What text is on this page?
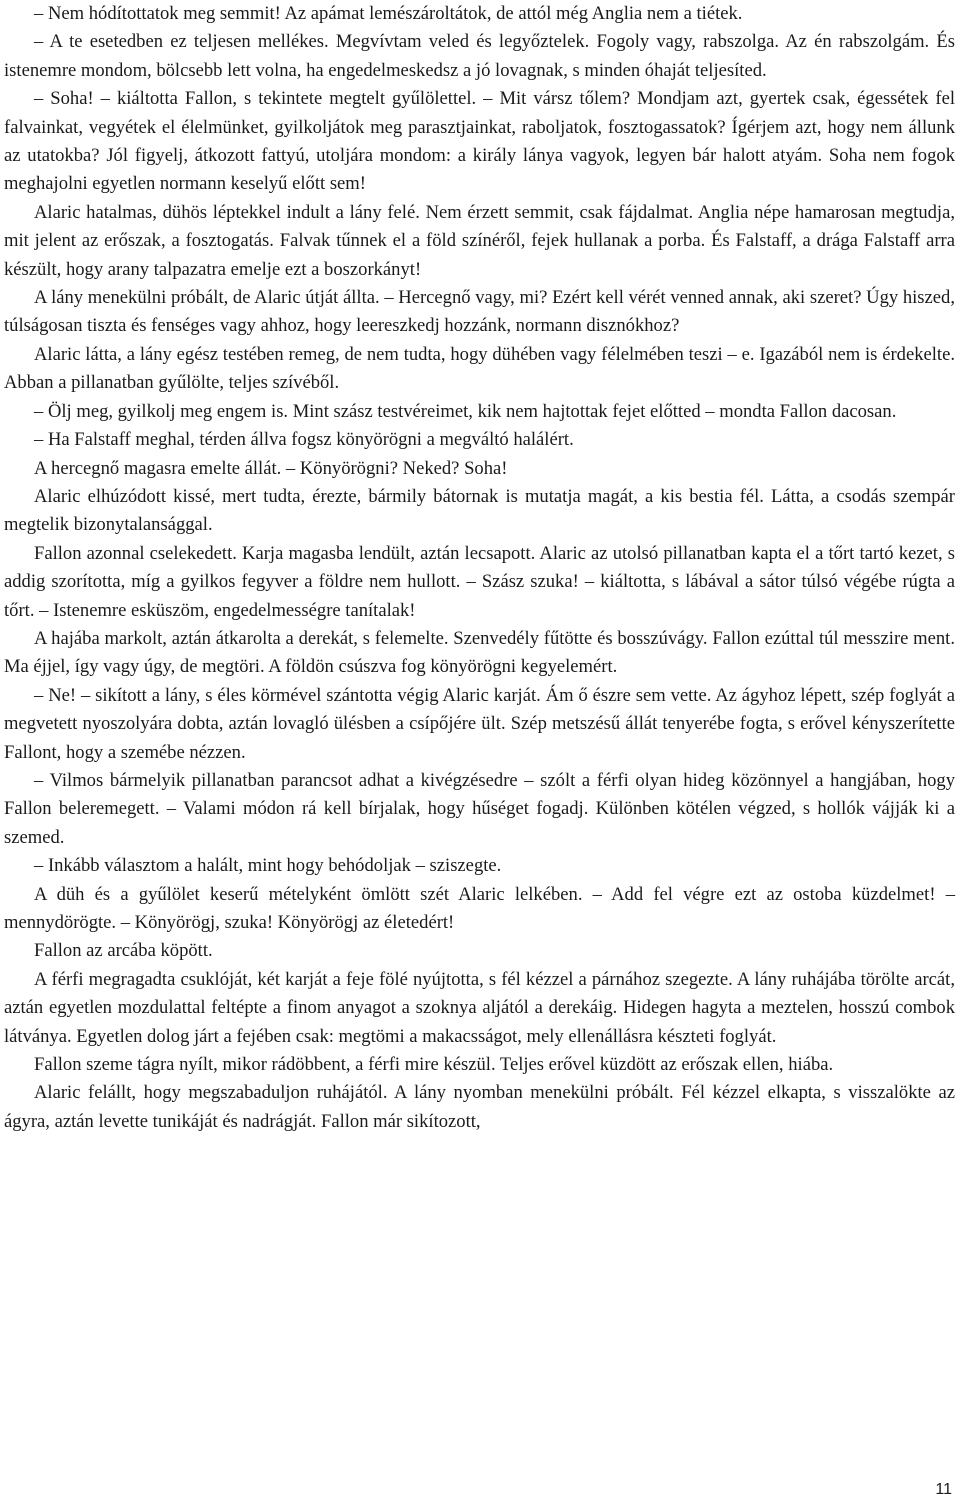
– Nem hódítottatok meg semmit! Az apámat lemészároltátok, de attól még Anglia nem a tiétek.

– A te esetedben ez teljesen mellékes. Megvívtam veled és legyőztelek. Fogoly vagy, rabszolga. Az én rabszolgám. És istenemre mondom, bölcsebb lett volna, ha engedelmeskedsz a jó lovagnak, s minden óhaját teljesíted.

– Soha! – kiáltotta Fallon, s tekintete megtelt gyűlölettel. – Mit vársz tőlem? Mondjam azt, gyertek csak, égessétek fel falvainkat, vegyétek el élelmünket, gyilkoljátok meg parasztjainkat, raboljatok, fosztogassatok? Ígérjem azt, hogy nem állunk az utatokba? Jól figyelj, átkozott fattyú, utoljára mondom: a király lánya vagyok, legyen bár halott atyám. Soha nem fogok meghajolni egyetlen normann keselyű előtt sem!

Alaric hatalmas, dühös léptekkel indult a lány felé. Nem érzett semmit, csak fájdalmat. Anglia népe hamarosan megtudja, mit jelent az erőszak, a fosztogatás. Falvak tűnnek el a föld színéről, fejek hullanak a porba. És Falstaff, a drága Falstaff arra készült, hogy arany talpazatra emelje ezt a boszorkányt!

A lány menekülni próbált, de Alaric útját állta. – Hercegnő vagy, mi? Ezért kell vérét venned annak, aki szeret? Úgy hiszed, túlságosan tiszta és fenséges vagy ahhoz, hogy leereszkedj hozzánk, normann disznókhoz?

Alaric látta, a lány egész testében remeg, de nem tudta, hogy dühében vagy félelmében teszi – e. Igazából nem is érdekelte. Abban a pillanatban gyűlölte, teljes szívéből.

– Ölj meg, gyilkolj meg engem is. Mint szász testvéreimet, kik nem hajtottak fejet előtted – mondta Fallon dacosan.

– Ha Falstaff meghal, térden állva fogsz könyörögni a megváltó halálért.

A hercegnő magasra emelte állát. – Könyörögni? Neked? Soha!

Alaric elhúzódott kissé, mert tudta, érezte, bármily bátornak is mutatja magát, a kis bestia fél. Látta, a csodás szempár megtelik bizonytalansággal.

Fallon azonnal cselekedett. Karja magasba lendült, aztán lecsapott. Alaric az utolsó pillanatban kapta el a tőrt tartó kezet, s addig szorította, míg a gyilkos fegyver a földre nem hullott. – Szász szuka! – kiáltotta, s lábával a sátor túlsó végébe rúgta a tőrt. – Istenemre esküszöm, engedelmességre tanítalak!

A hajába markolt, aztán átkarolta a derekát, s felemelte. Szenvedély fűtötte és bosszúvágy. Fallon ezúttal túl messzire ment. Ma éjjel, így vagy úgy, de megtöri. A földön csúszva fog könyörögni kegyelemért.

– Ne! – sikított a lány, s éles körmével szántotta végig Alaric karját. Ám ő észre sem vette. Az ágyhoz lépett, szép foglyát a megvetett nyoszolyára dobta, aztán lovagló ülésben a csípőjére ült. Szép metszésű állát tenyerébe fogta, s erővel kényszerítette Fallont, hogy a szemébe nézzen.

– Vilmos bármelyik pillanatban parancsot adhat a kivégzésedre – szólt a férfi olyan hideg közönnyel a hangjában, hogy Fallon beleremegett. – Valami módon rá kell bírjalak, hogy hűséget fogadj. Különben kötélen végzed, s hollók vájják ki a szemed.

– Inkább választom a halált, mint hogy behódoljak – sziszegte.

A düh és a gyűlölet keserű mételyként ömlött szét Alaric lelkében. – Add fel végre ezt az ostoba küzdelmet! – mennydörögte. – Könyörögj, szuka! Könyörögj az életedért!

Fallon az arcába köpött.

A férfi megragadta csuklóját, két karját a feje fölé nyújtotta, s fél kézzel a párnához szegezte. A lány ruhájába törölte arcát, aztán egyetlen mozdulattal feltépte a finom anyagot a szoknya aljától a derekáig. Hidegen hagyta a meztelen, hosszú combok látványa. Egyetlen dolog járt a fejében csak: megtömi a makacsságot, mely ellenállásra készteti foglyát.

Fallon szeme tágra nyílt, mikor rádöbbent, a férfi mire készül. Teljes erővel küzdött az erőszak ellen, hiába.

Alaric felállt, hogy megszabaduljon ruhájától. A lány nyomban menekülni próbált. Fél kézzel elkapta, s visszalökte az ágyra, aztán levette tunikáját és nadrágját. Fallon már sikítozott,

11
